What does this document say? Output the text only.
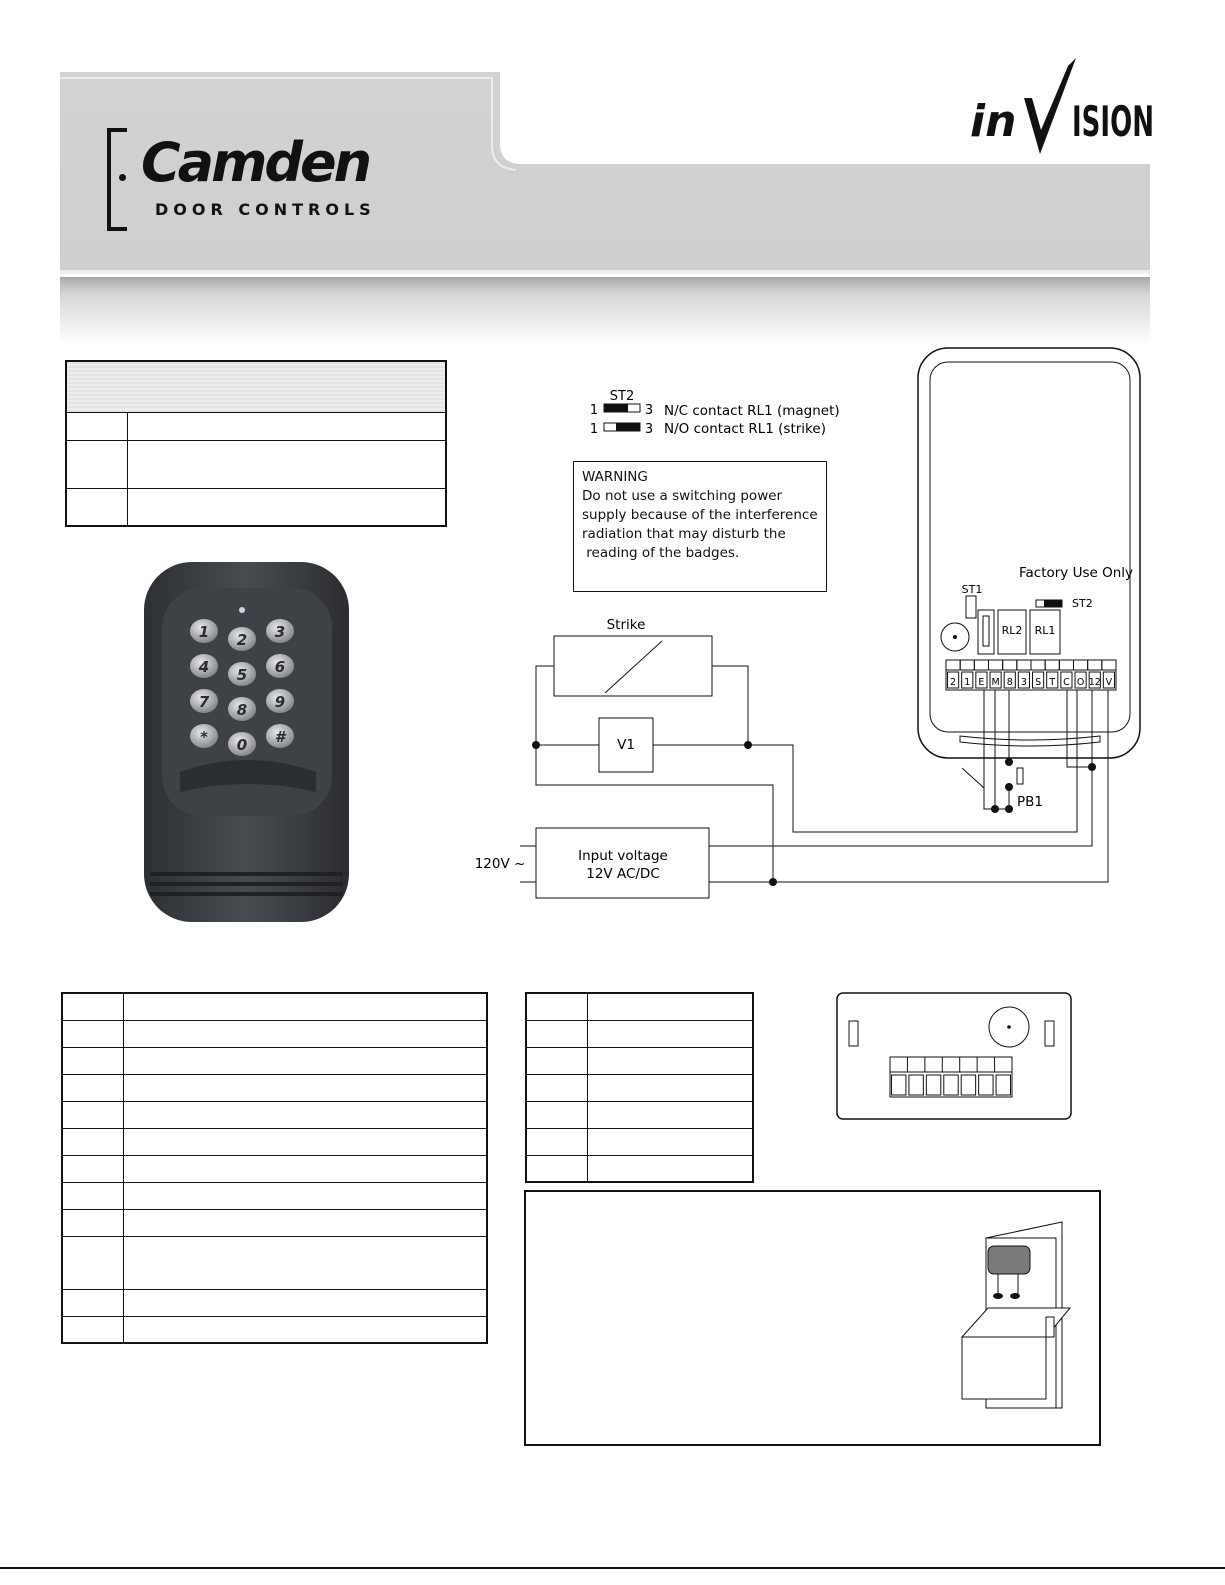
Camden
DOOR CONTROLS
in ISION

1 2 3
4 5 6
7 8 9
* 0 #
ST2
1	3 N/C contact RL1 (magnet)
1	3 N/O contact RL1 (strike)
Factory Use Only
ST1
ST2
RL2 RL1
2 1 E M 8 3 S T C O 12 V
Strike
V1
PB1
120V ~	Input voltage
12V AC/DC
WARNING
Do not use a switching power
supply because of the interference
radiation that may disturb the
reading of the badges.
